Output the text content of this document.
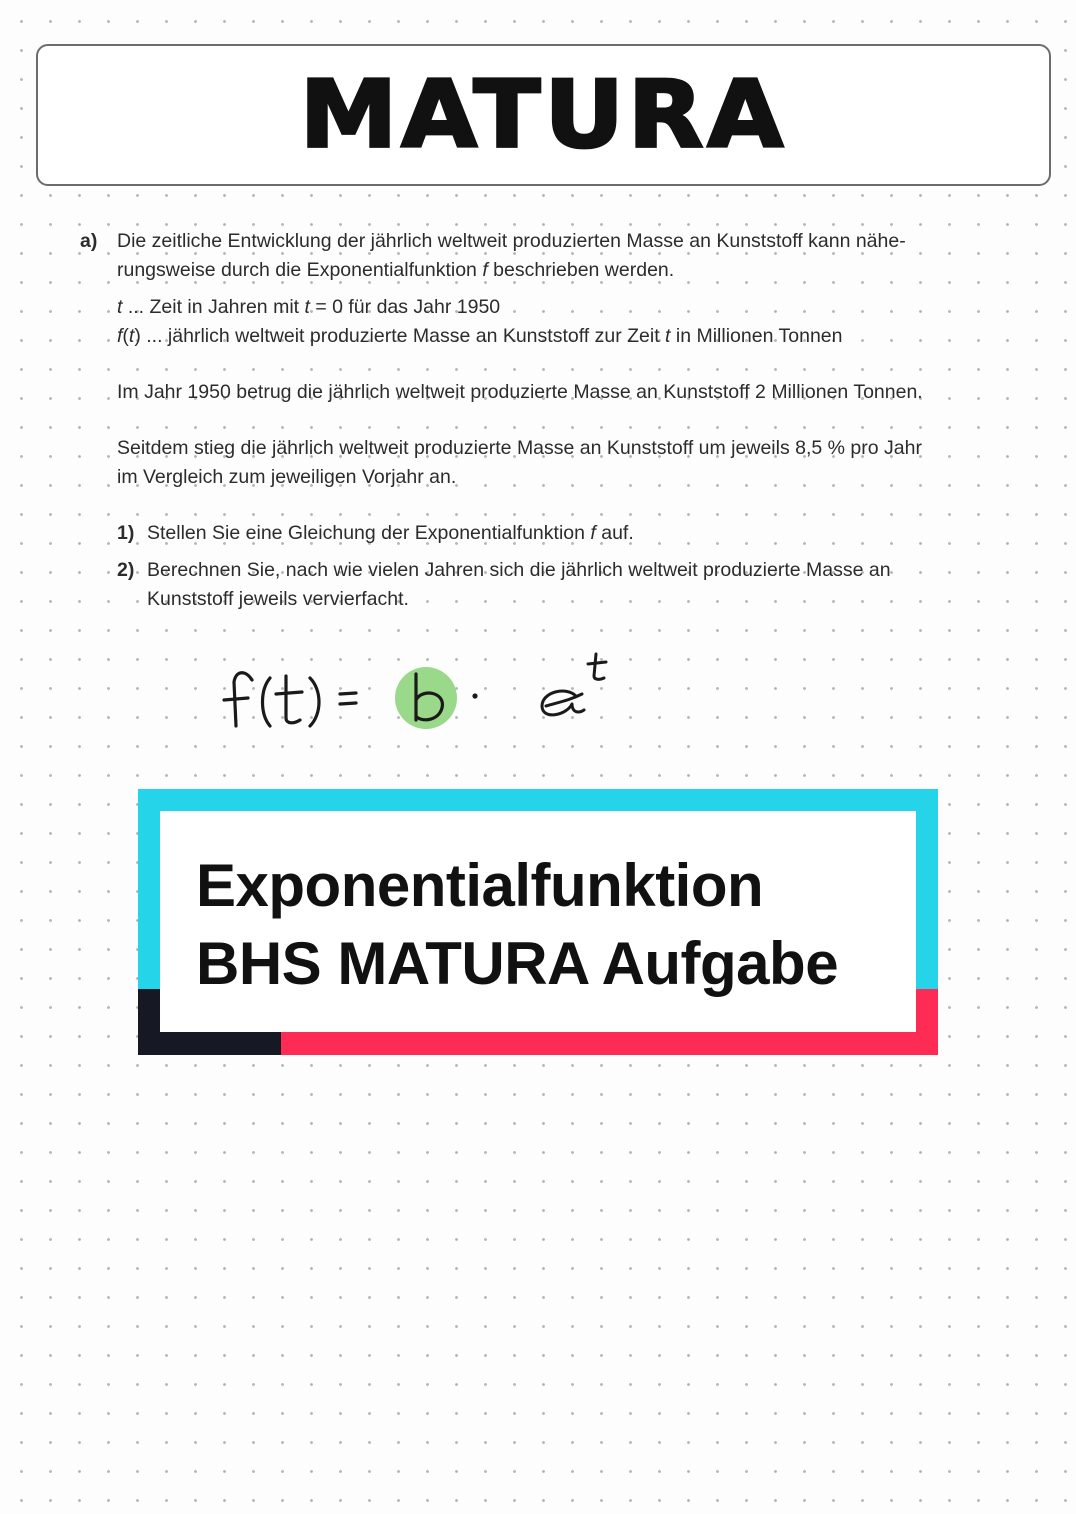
MATURA
a) Die zeitliche Entwicklung der jährlich weltweit produzierten Masse an Kunststoff kann nähe-

rungsweise durch die Exponentialfunktion f beschrieben werden.

t ... Zeit in Jahren mit t = 0 für das Jahr 1950

f(t) ... jährlich weltweit produzierte Masse an Kunststoff zur Zeit t in Millionen Tonnen

Im Jahr 1950 betrug die jährlich weltweit produzierte Masse an Kunststoff 2 Millionen Tonnen.

Seitdem stieg die jährlich weltweit produzierte Masse an Kunststoff um jeweils 8,5 % pro Jahr

im Vergleich zum jeweiligen Vorjahr an.

1) Stellen Sie eine Gleichung der Exponentialfunktion f auf.

2) Berechnen Sie, nach wie vielen Jahren sich die jährlich weltweit produzierte Masse an

Kunststoff jeweils vervierfacht.

Exponentialfunktion
BHS MATURA Aufgabe
